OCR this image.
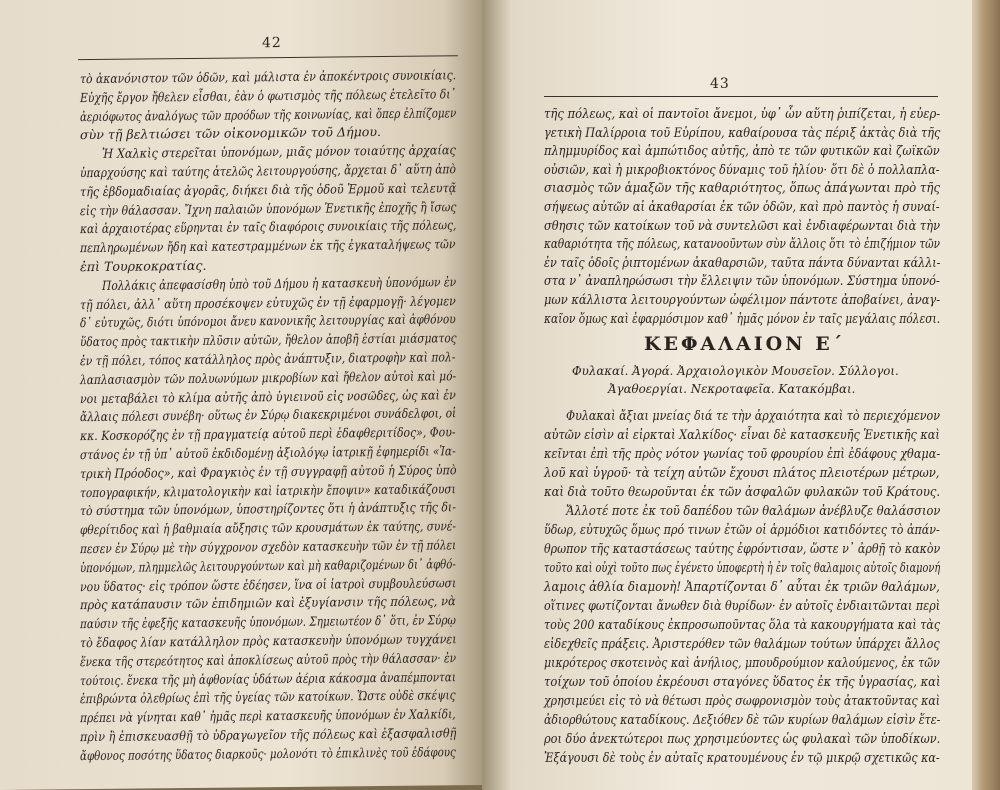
42
τὸ ἀκανόνιστον τῶν ὁδῶν, καὶ μάλιστα ἐν ἀποκέντροις συνοικίαις.
Εὐχῆς ἔργον ἤθελεν εἶσθαι, ἐὰν ὁ φωτισμὸς τῆς πόλεως ἐτελεῖτο δι᾿
ἀεριόφωτος ἀναλόγως τῶν προόδων τῆς κοινωνίας, καὶ ὅπερ ἐλπίζομεν
σὺν τῇ βελτιώσει τῶν οἰκονομικῶν τοῦ Δήμου.
Ἡ Χαλκὶς στερεῖται ὑπονόμων, μιᾶς μόνον τοιαύτης ἀρχαίας
ὑπαρχούσης καὶ ταύτης ἀτελῶς λειτουργούσης, ἄρχεται δ᾿ αὕτη ἀπὸ
τῆς ἑβδομαδιαίας ἀγορᾶς, διήκει διὰ τῆς ὁδοῦ Ἑρμοῦ καὶ τελευτᾷ
εἰς τὴν θάλασσαν. Ἴχνη παλαιῶν ὑπονόμων Ἑνετικῆς ἐποχῆς ἢ ἴσως
καὶ ἀρχαιοτέρας εὕρηνται ἐν ταῖς διαφόροις συνοικίαις τῆς πόλεως,
πεπληρωμένων ἤδη καὶ κατεστραμμένων ἐκ τῆς ἐγκαταλήψεως τῶν
ἐπὶ Τουρκοκρατίας.
Πολλάκις ἀπεφασίσθη ὑπὸ τοῦ Δήμου ἡ κατασκευὴ ὑπονόμων ἐν
τῇ πόλει, ἀλλ᾿ αὕτη προσέκοψεν εὐτυχῶς ἐν τῇ ἐφαρμογῇ· λέγομεν
δ᾿ εὐτυχῶς, διότι ὑπόνομοι ἄνευ κανονικῆς λειτουργίας καὶ ἀφθόνου
ὕδατος πρὸς τακτικὴν πλῦσιν αὐτῶν, ἤθελον ἀποβῆ ἑστίαι μιάσματος
ἐν τῇ πόλει, τόπος κατάλληλος πρὸς ἀνάπτυξιν, διατροφὴν καὶ πολ-
λαπλασιασμὸν τῶν πολυωνύμων μικροβίων καὶ ἤθελον αὐτοὶ καὶ μό-
νοι μεταβάλει τὸ κλίμα αὐτῆς ἀπὸ ὑγιεινοῦ εἰς νοσῶδες, ὡς καὶ ἐν
ἄλλαις πόλεσι συνέβη· οὕτως ἐν Σύρῳ διακεκριμένοι συνάδελφοι, οἱ
κκ. Κοσκορόζης ἐν τῇ πραγματείᾳ αὐτοῦ περὶ ἐδαφθεριτίδος», Φου-
στάνος ἐν τῇ ὑπ᾿ αὐτοῦ ἐκδιδομένῃ ἀξιολόγῳ ἰατρικῇ ἐφημερίδι «Ἰα-
τρικὴ Πρόοδος», καὶ Φραγκιὸς ἐν τῇ συγγραφῇ αὐτοῦ ἡ Σύρος ὑπὸ
τοπογραφικήν, κλιματολογικὴν καὶ ἰατρικὴν ἔποψιν» καταδικάζουσι
τὸ σύστημα τῶν ὑπονόμων, ὑποστηρίζοντες ὅτι ἡ ἀνάπτυξις τῆς δι-
φθερίτιδος καὶ ἡ βαθμιαία αὔξησις τῶν κρουσμάτων ἐκ ταύτης, συνέ-
πεσεν ἐν Σύρῳ μὲ τὴν σύγχρονον σχεδὸν κατασκευὴν τῶν ἐν τῇ πόλει
ὑπονόμων, πλημμελῶς λειτουργούντων καὶ μὴ καθαριζομένων δι᾿ ἀφθό-
νου ὕδατος· εἰς τρόπον ὥστε ἐδέησεν, ἵνα οἱ ἰατροὶ συμβουλεύσωσι
πρὸς κατάπαυσιν τῶν ἐπιδημιῶν καὶ ἐξυγίανσιν τῆς πόλεως, νὰ
παύσιν τῆς ἐφεξῆς κατασκευῆς ὑπονόμων. Σημειωτέον δ᾿ ὅτι, ἐν Σύρῳ
τὸ ἔδαφος λίαν κατάλληλον πρὸς κατασκευὴν ὑπονόμων τυγχάνει
ἕνεκα τῆς στερεότητος καὶ ἀποκλίσεως αὐτοῦ πρὸς τὴν θάλασσαν· ἐν
τούτοις. ἕνεκα τῆς μὴ ἀφθονίας ὑδάτων ἀέρια κάκοσμα ἀναπέμπονται
ἐπιβρώντα ὀλεθρίως ἐπὶ τῆς ὑγείας τῶν κατοίκων. Ὥστε οὐδὲ σκέψις
πρέπει νὰ γίνηται καθ᾿ ἡμᾶς περὶ κατασκευῆς ὑπονόμων ἐν Χαλκίδι,
πρὶν ἢ ἐπισκευασθῇ τὸ ὑδραγωγεῖον τῆς πόλεως καὶ ἐξασφαλισθῇ
ἄφθονος ποσότης ὕδατος διαρκοῦς· μολονότι τὸ ἐπικλινὲς τοῦ ἐδάφους
43
τῆς πόλεως, καὶ οἱ παντοῖοι ἄνεμοι, ὑφ᾿ ὧν αὕτη ῥιπίζεται, ἡ εὐερ-
γετικὴ Παλίρροια τοῦ Εὐρίπου, καθαίρουσα τὰς πέριξ ἀκτὰς διὰ τῆς
πλημμυρίδος καὶ ἀμπώτιδος αὐτῆς, ἀπὸ τε τῶν φυτικῶν καὶ ζωϊκῶν
οὐσιῶν, καὶ ἡ μικροβιοκτόνος δύναμις τοῦ ἡλίου· ὅτι δὲ ὁ πολλαπλα-
σιασμὸς τῶν ἁμαξῶν τῆς καθαριότητος, ὅπως ἀπάγωνται πρὸ τῆς
σήψεως αὐτῶν αἱ ἀκαθαρσίαι ἐκ τῶν ὁδῶν, καὶ πρὸ παντὸς ἡ συναί-
σθησις τῶν κατοίκων τοῦ νὰ συντελῶσι καὶ ἐνδιαφέρωνται διὰ τὴν
καθαριότητα τῆς πόλεως, κατανοοῦντων σὺν ἄλλοις ὅτι τὸ ἐπιζήμιον τῶν
ἐν ταῖς ὁδοῖς ῥιπτομένων ἀκαθαρσιῶν, ταῦτα πάντα δύνανται κάλλι-
στα ν᾿ ἀναπληρώσωσι τὴν ἔλλειψιν τῶν ὑπονόμων. Σύστημα ὑπονό-
μων κάλλιστα λειτουργούντων ὠφέλιμον πάντοτε ἀποβαίνει, ἀναγ-
καῖον ὅμως καὶ ἐφαρμόσιμον καθ᾿ ἡμᾶς μόνον ἐν ταῖς μεγάλαις πόλεσι.
ΚΕΦΑΛΑΙΟΝ Ε΄
Φυλακαί. Ἀγορά. Ἀρχαιολογικὸν Μουσεῖον. Σύλλογοι.
Ἀγαθοεργίαι. Νεκροταφεῖα. Κατακόμβαι.
Φυλακαὶ ἄξιαι μνείας διά τε τὴν ἀρχαιότητα καὶ τὸ περιεχόμενον
αὐτῶν εἰσὶν αἱ εἰρκταὶ Χαλκίδος· εἶναι δὲ κατασκευῆς Ἑνετικῆς καὶ
κεῖνται ἐπὶ τῆς πρὸς νότον γωνίας τοῦ φρουρίου ἐπὶ ἐδάφους χθαμα-
λοῦ καὶ ὑγροῦ· τὰ τείχη αὐτῶν ἔχουσι πλάτος πλειοτέρων μέτρων,
καὶ διὰ τοῦτο θεωροῦνται ἐκ τῶν ἀσφαλῶν φυλακῶν τοῦ Κράτους.
Ἄλλοτέ ποτε ἐκ τοῦ δαπέδου τῶν θαλάμων ἀνέβλυζε θαλάσσιον
ὕδωρ, εὐτυχῶς ὅμως πρό τινων ἐτῶν οἱ ἁρμόδιοι κατιδόντες τὸ ἀπάν-
θρωπον τῆς καταστάσεως ταύτης ἐφρόντισαν, ὥστε ν᾿ ἀρθῇ τὸ κακὸν
τοῦτο καὶ οὐχὶ τοῦτο πως ἐγένετο ὑποφερτὴ ἡ ἐν τοῖς θαλαμοις αὐτοῖς διαμονή
λαμοις ἀθλία διαμονὴ! Ἀπαρτίζονται δ᾿ αὗται ἐκ τριῶν θαλάμων,
οἵτινες φωτίζονται ἄνωθεν διὰ θυρίδων· ἐν αὐτοῖς ἐνδιαιτῶνται περὶ
τοὺς 200 καταδίκους ἐκπροσωποῦντας ὅλα τὰ κακουργήματα καὶ τὰς
εἰδεχθεῖς πράξεις. Ἀριστερόθεν τῶν θαλάμων τούτων ὑπάρχει ἄλλος
μικρότερος σκοτεινὸς καὶ ἀνήλιος, μπουδρούμιον καλούμενος, ἐκ τῶν
τοίχων τοῦ ὁποίου ἐκρέουσι σταγόνες ὕδατος ἐκ τῆς ὑγρασίας, καὶ
χρησιμεύει εἰς τὸ νὰ θέτωσι πρὸς σωφρονισμὸν τοὺς ἀτακτοῦντας καὶ
ἀδιορθώτους καταδίκους. Δεξιόθεν δὲ τῶν κυρίων θαλάμων εἰσὶν ἕτε-
ροι δύο ἀνεκτώτεροι πως χρησιμεύοντες ὡς φυλακαὶ τῶν ὑποδίκων.
Ἐξάγουσι δὲ τοὺς ἐν αὐταῖς κρατουμένους ἐν τῷ μικρῷ σχετικῶς κα-
